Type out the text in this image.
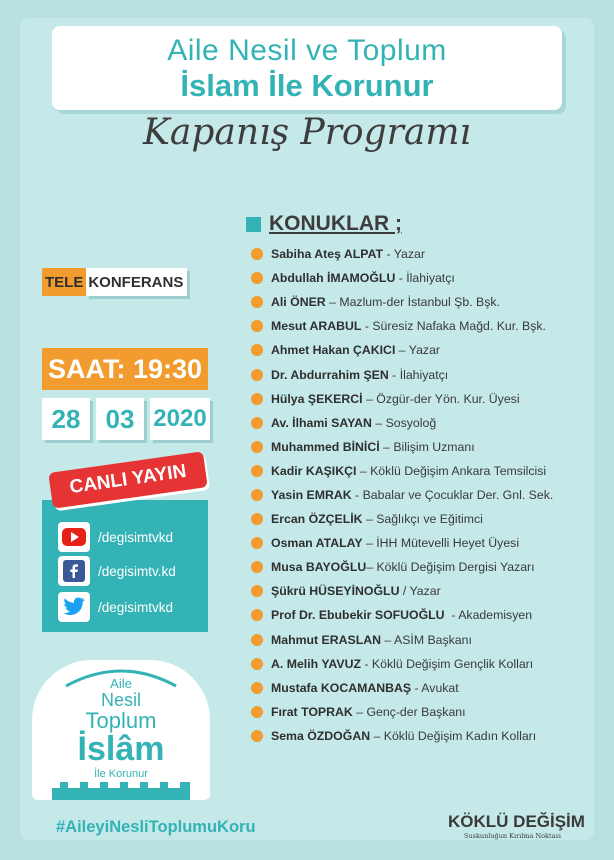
Aile Nesil ve Toplum
İslam İle Korunur
Kapanış Programı
KONUKLAR ;
Sabiha Ateş ALPAT - Yazar
Abdullah İMAMOĞLU - İlahiyatçı
Ali ÖNER – Mazlum-der İstanbul Şb. Bşk.
Mesut ARABUL - Süresiz Nafaka Mağd. Kur. Bşk.
Ahmet Hakan ÇAKICI – Yazar
Dr. Abdurrahim ŞEN - İlahiyatçı
Hülya ŞEKERCİ – Özgür-der Yön. Kur. Üyesi
Av. İlhami SAYAN – Sosyoloğ
Muhammed BİNİCİ – Bilişim Uzmanı
Kadir KAŞIKÇI – Köklü Değişim Ankara Temsilcisi
Yasin EMRAK - Babalar ve Çocuklar Der. Gnl. Sek.
Ercan ÖZÇELİK – Sağlıkçı ve Eğitimci
Osman ATALAY – İHH Mütevelli Heyet Üyesi
Musa BAYOĞLU – Köklü Değişim Dergisi Yazarı
Şükrü HÜSEYİNOĞLU / Yazar
Prof Dr. Ebubekir SOFUOĞLU - Akademisyen
Mahmut ERASLAN – ASİM Başkanı
A. Melih YAVUZ - Köklü Değişim Gençlik Kolları
Mustafa KOCAMANBAŞ - Avukat
Fırat TOPRAK – Genç-der Başkanı
Sema ÖZDOĞAN – Köklü Değişim Kadın Kolları
TELE KONFERANS
SAAT: 19:30
28 03 2020
/degisimtvkd
/degisimtv.kd
/degisimtvkd
CANLI YAYIN
Aile
Nesil
Toplum
İslâm
İle Korunur
#AileyiNesliToplumuKoru	KÖKLÜ DEĞİŞİM
Suskunluğun Kırılma Noktası
